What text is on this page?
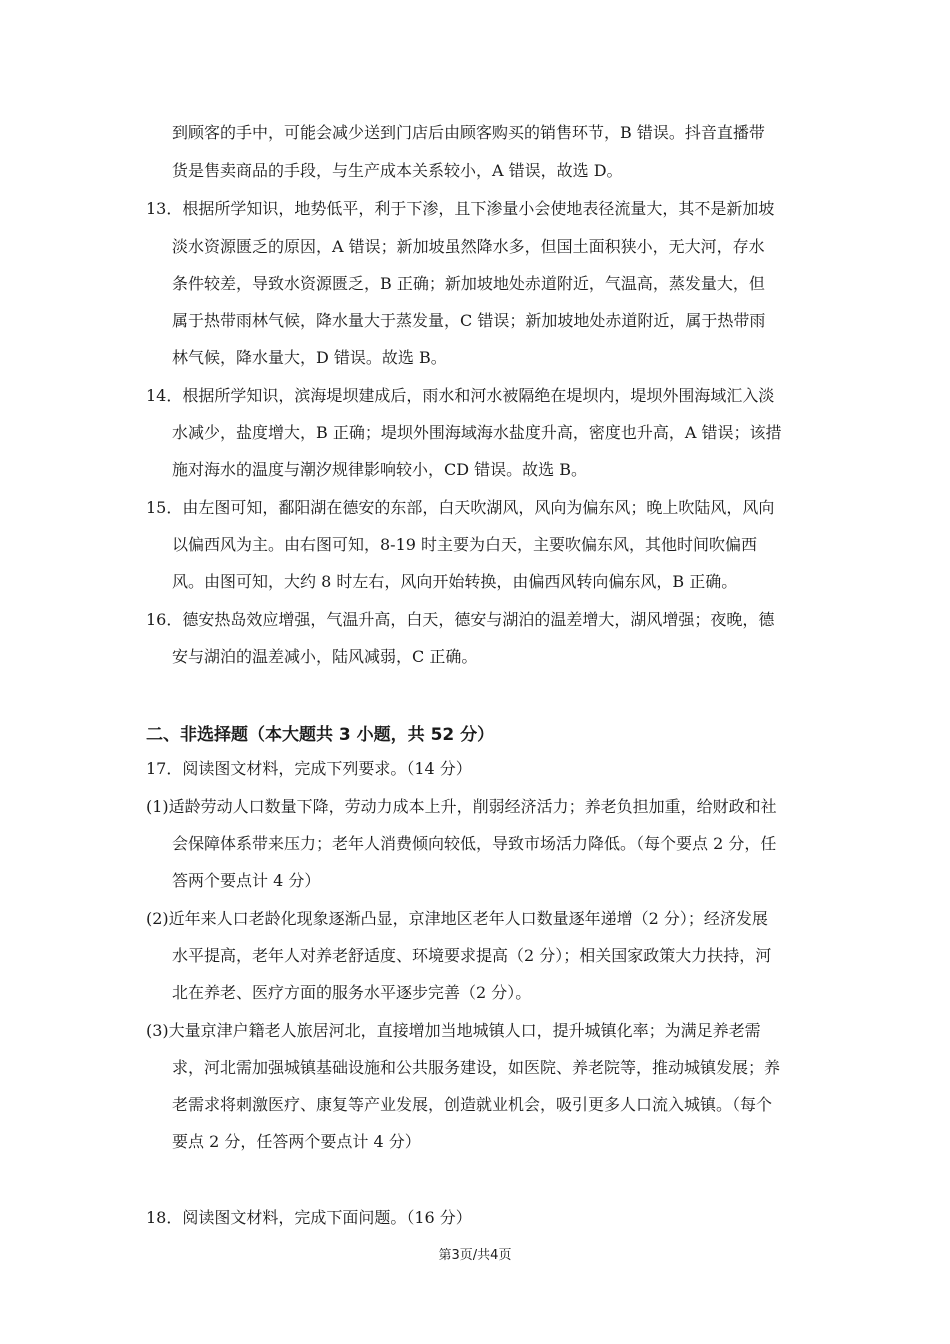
到顾客的手中，可能会减少送到门店后由顾客购买的销售环节，B 错误。抖音直播带
货是售卖商品的手段，与生产成本关系较小，A 错误，故选 D。
13．根据所学知识，地势低平，利于下渗，且下渗量小会使地表径流量大，其不是新加坡
淡水资源匮乏的原因，A 错误；新加坡虽然降水多，但国土面积狭小，无大河，存水
条件较差，导致水资源匮乏，B 正确；新加坡地处赤道附近，气温高，蒸发量大，但
属于热带雨林气候，降水量大于蒸发量，C 错误；新加坡地处赤道附近，属于热带雨
林气候，降水量大，D 错误。故选 B。
14．根据所学知识，滨海堤坝建成后，雨水和河水被隔绝在堤坝内，堤坝外围海域汇入淡
水减少，盐度增大，B 正确；堤坝外围海域海水盐度升高，密度也升高，A 错误；该措
施对海水的温度与潮汐规律影响较小，CD 错误。故选 B。
15．由左图可知，鄱阳湖在德安的东部，白天吹湖风，风向为偏东风；晚上吹陆风，风向
以偏西风为主。由右图可知，8-19 时主要为白天，主要吹偏东风，其他时间吹偏西
风。由图可知，大约 8 时左右，风向开始转换，由偏西风转向偏东风，B 正确。
16．德安热岛效应增强，气温升高，白天，德安与湖泊的温差增大，湖风增强；夜晚，德
安与湖泊的温差减小，陆风减弱，C 正确。
二、非选择题（本大题共 3 小题，共 52 分）
17．阅读图文材料，完成下列要求。（14 分）
(1)适龄劳动人口数量下降，劳动力成本上升，削弱经济活力；养老负担加重，给财政和社
会保障体系带来压力；老年人消费倾向较低，导致市场活力降低。（每个要点 2 分，任
答两个要点计 4 分）
(2)近年来人口老龄化现象逐渐凸显，京津地区老年人口数量逐年递增（2 分）；经济发展
水平提高，老年人对养老舒适度、环境要求提高（2 分）；相关国家政策大力扶持，河
北在养老、医疗方面的服务水平逐步完善（2 分）。
(3)大量京津户籍老人旅居河北，直接增加当地城镇人口，提升城镇化率；为满足养老需
求，河北需加强城镇基础设施和公共服务建设，如医院、养老院等，推动城镇发展；养
老需求将刺激医疗、康复等产业发展，创造就业机会，吸引更多人口流入城镇。（每个
要点 2 分，任答两个要点计 4 分）
18．阅读图文材料，完成下面问题。（16 分）
第3页/共4页
